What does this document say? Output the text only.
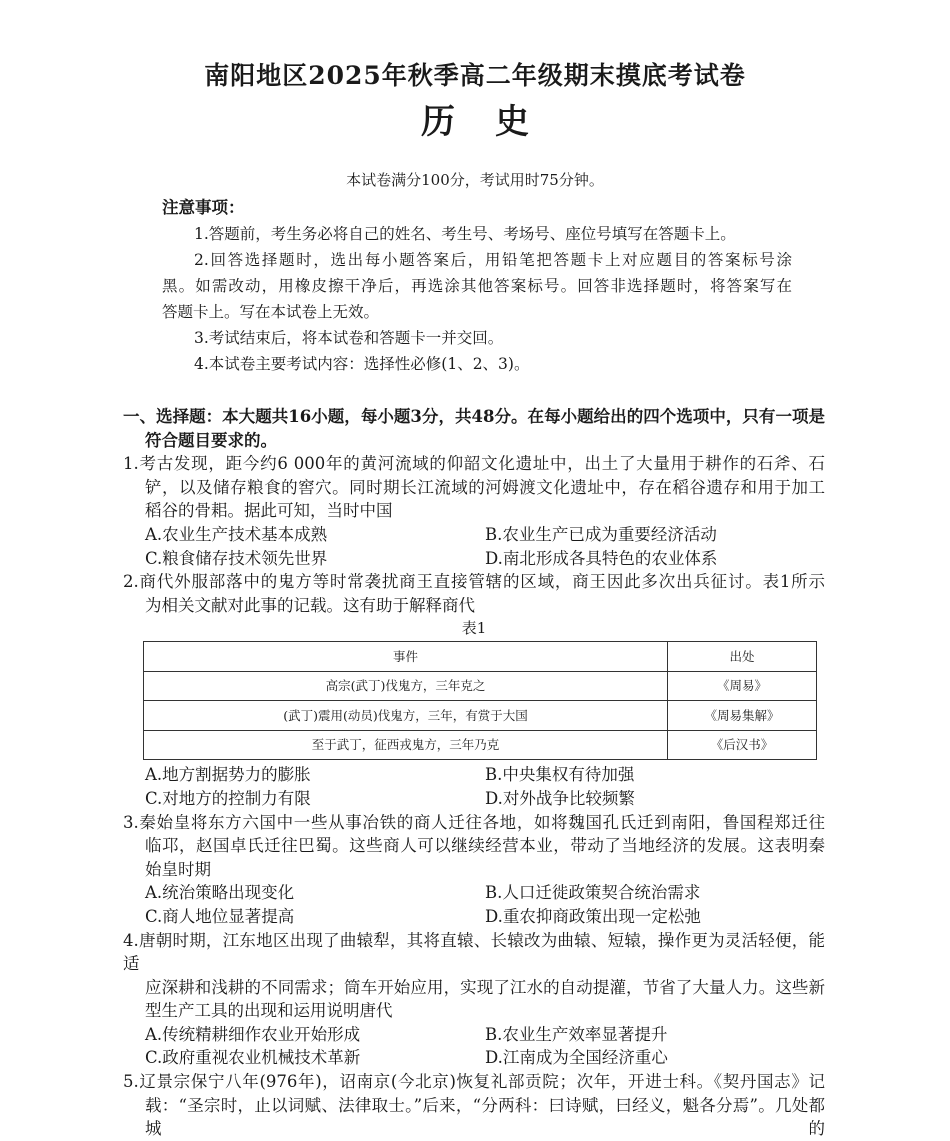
南阳地区2025年秋季高二年级期末摸底考试卷
历史
本试卷满分100分，考试用时75分钟。
注意事项：
1.答题前，考生务必将自己的姓名、考生号、考场号、座位号填写在答题卡上。
2.回答选择题时，选出每小题答案后，用铅笔把答题卡上对应题目的答案标号涂
黑。如需改动，用橡皮擦干净后，再选涂其他答案标号。回答非选择题时，将答案写在
答题卡上。写在本试卷上无效。
3.考试结束后，将本试卷和答题卡一并交回。
4.本试卷主要考试内容：选择性必修(1、2、3)。
一、选择题：本大题共16小题，每小题3分，共48分。在每小题给出的四个选项中，只有一项是
符合题目要求的。
1.考古发现，距今约6 000年的黄河流域的仰韶文化遗址中，出土了大量用于耕作的石斧、石
铲，以及储存粮食的窖穴。同时期长江流域的河姆渡文化遗址中，存在稻谷遗存和用于加工
稻谷的骨耜。据此可知，当时中国
A.农业生产技术基本成熟	B.农业生产已成为重要经济活动
C.粮食储存技术领先世界	D.南北形成各具特色的农业体系
2.商代外服部落中的鬼方等时常袭扰商王直接管辖的区域，商王因此多次出兵征讨。表1所示
为相关文献对此事的记载。这有助于解释商代
表1
事件	出处
高宗(武丁)伐鬼方，三年克之	《周易》
(武丁)震用(动员)伐鬼方，三年，有赏于大国	《周易集解》
至于武丁，征西戎鬼方，三年乃克	《后汉书》
A.地方割据势力的膨胀	B.中央集权有待加强
C.对地方的控制力有限	D.对外战争比较频繁
3.秦始皇将东方六国中一些从事冶铁的商人迁往各地，如将魏国孔氏迁到南阳，鲁国程郑迁往
临邛，赵国卓氏迁往巴蜀。这些商人可以继续经营本业，带动了当地经济的发展。这表明秦
始皇时期
A.统治策略出现变化	B.人口迁徙政策契合统治需求
C.商人地位显著提高	D.重农抑商政策出现一定松弛
4.唐朝时期，江东地区出现了曲辕犁，其将直辕、长辕改为曲辕、短辕，操作更为灵活轻便，能适
应深耕和浅耕的不同需求；筒车开始应用，实现了江水的自动提灌，节省了大量人力。这些新
型生产工具的出现和运用说明唐代
A.传统精耕细作农业开始形成	B.农业生产效率显著提升
C.政府重视农业机械技术革新	D.江南成为全国经济重心
5.辽景宗保宁八年(976年)，诏南京(今北京)恢复礼部贡院；次年，开进士科。《契丹国志》记
载：“圣宗时，止以词赋、法律取士。”后来，“分两科：曰诗赋，曰经义，魁各分焉”。几处都城的
